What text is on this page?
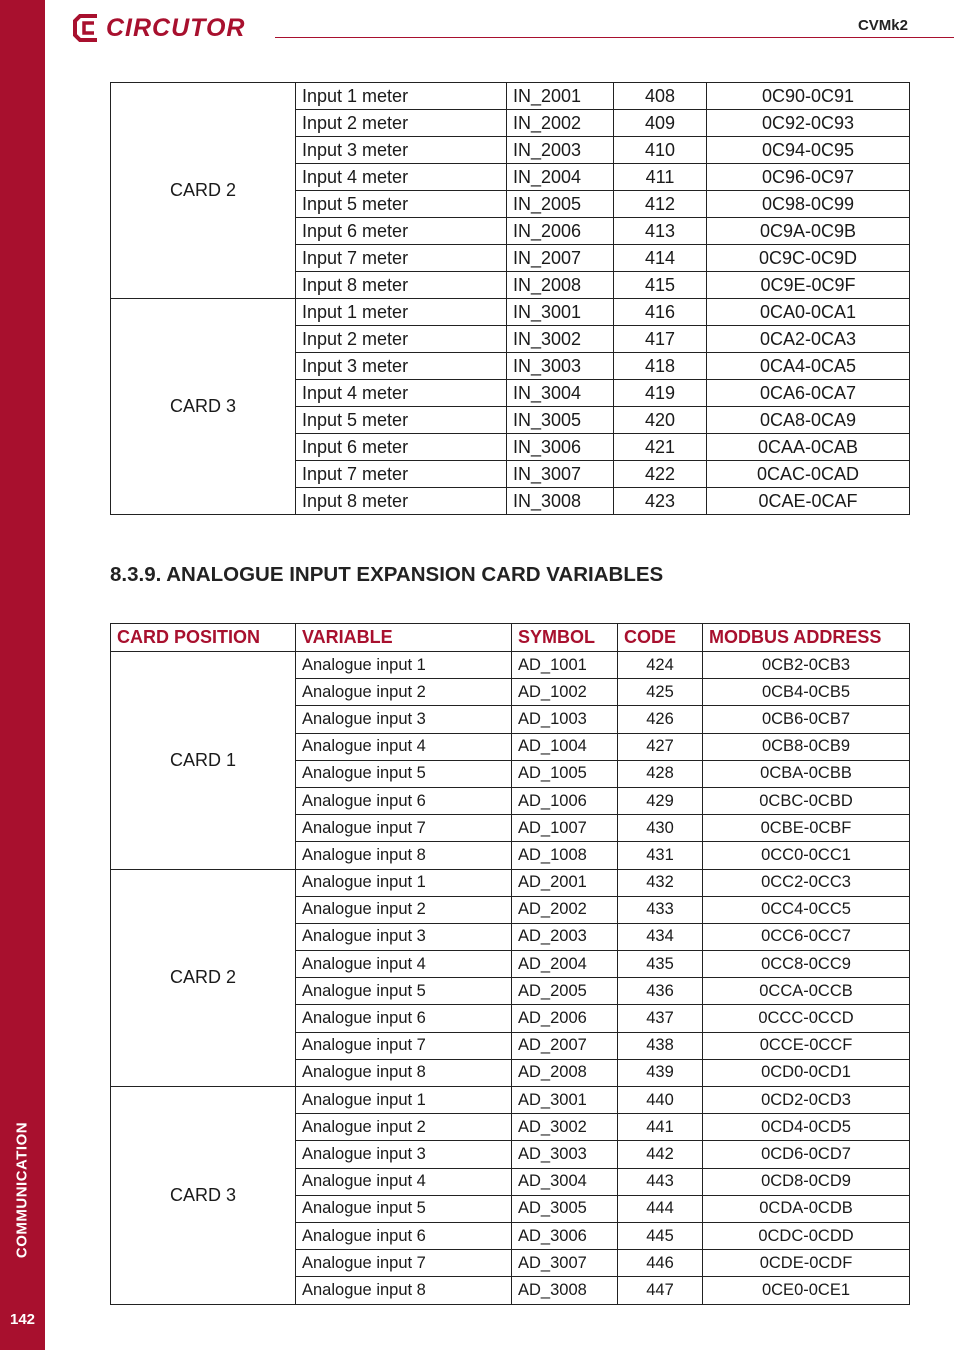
COMMUNICATION
142
CIRCUTOR	CVMk2
CARD 2	Input 1 meter	IN_2001	408	0C90-0C91
	Input 2 meter	IN_2002	409	0C92-0C93
	Input 3 meter	IN_2003	410	0C94-0C95
	Input 4 meter	IN_2004	411	0C96-0C97
	Input 5 meter	IN_2005	412	0C98-0C99
	Input 6 meter	IN_2006	413	0C9A-0C9B
	Input 7 meter	IN_2007	414	0C9C-0C9D
	Input 8 meter	IN_2008	415	0C9E-0C9F
CARD 3	Input 1 meter	IN_3001	416	0CA0-0CA1
	Input 2 meter	IN_3002	417	0CA2-0CA3
	Input 3 meter	IN_3003	418	0CA4-0CA5
	Input 4 meter	IN_3004	419	0CA6-0CA7
	Input 5 meter	IN_3005	420	0CA8-0CA9
	Input 6 meter	IN_3006	421	0CAA-0CAB
	Input 7 meter	IN_3007	422	0CAC-0CAD
	Input 8 meter	IN_3008	423	0CAE-0CAF
8.3.9. ANALOGUE INPUT EXPANSION CARD VARIABLES
CARD POSITION	VARIABLE	SYMBOL	CODE	MODBUS ADDRESS
CARD 1	Analogue input 1	AD_1001	424	0CB2-0CB3
	Analogue input 2	AD_1002	425	0CB4-0CB5
	Analogue input 3	AD_1003	426	0CB6-0CB7
	Analogue input 4	AD_1004	427	0CB8-0CB9
	Analogue input 5	AD_1005	428	0CBA-0CBB
	Analogue input 6	AD_1006	429	0CBC-0CBD
	Analogue input 7	AD_1007	430	0CBE-0CBF
	Analogue input 8	AD_1008	431	0CC0-0CC1
CARD 2	Analogue input 1	AD_2001	432	0CC2-0CC3
	Analogue input 2	AD_2002	433	0CC4-0CC5
	Analogue input 3	AD_2003	434	0CC6-0CC7
	Analogue input 4	AD_2004	435	0CC8-0CC9
	Analogue input 5	AD_2005	436	0CCA-0CCB
	Analogue input 6	AD_2006	437	0CCC-0CCD
	Analogue input 7	AD_2007	438	0CCE-0CCF
	Analogue input 8	AD_2008	439	0CD0-0CD1
CARD 3	Analogue input 1	AD_3001	440	0CD2-0CD3
	Analogue input 2	AD_3002	441	0CD4-0CD5
	Analogue input 3	AD_3003	442	0CD6-0CD7
	Analogue input 4	AD_3004	443	0CD8-0CD9
	Analogue input 5	AD_3005	444	0CDA-0CDB
	Analogue input 6	AD_3006	445	0CDC-0CDD
	Analogue input 7	AD_3007	446	0CDE-0CDF
	Analogue input 8	AD_3008	447	0CE0-0CE1
